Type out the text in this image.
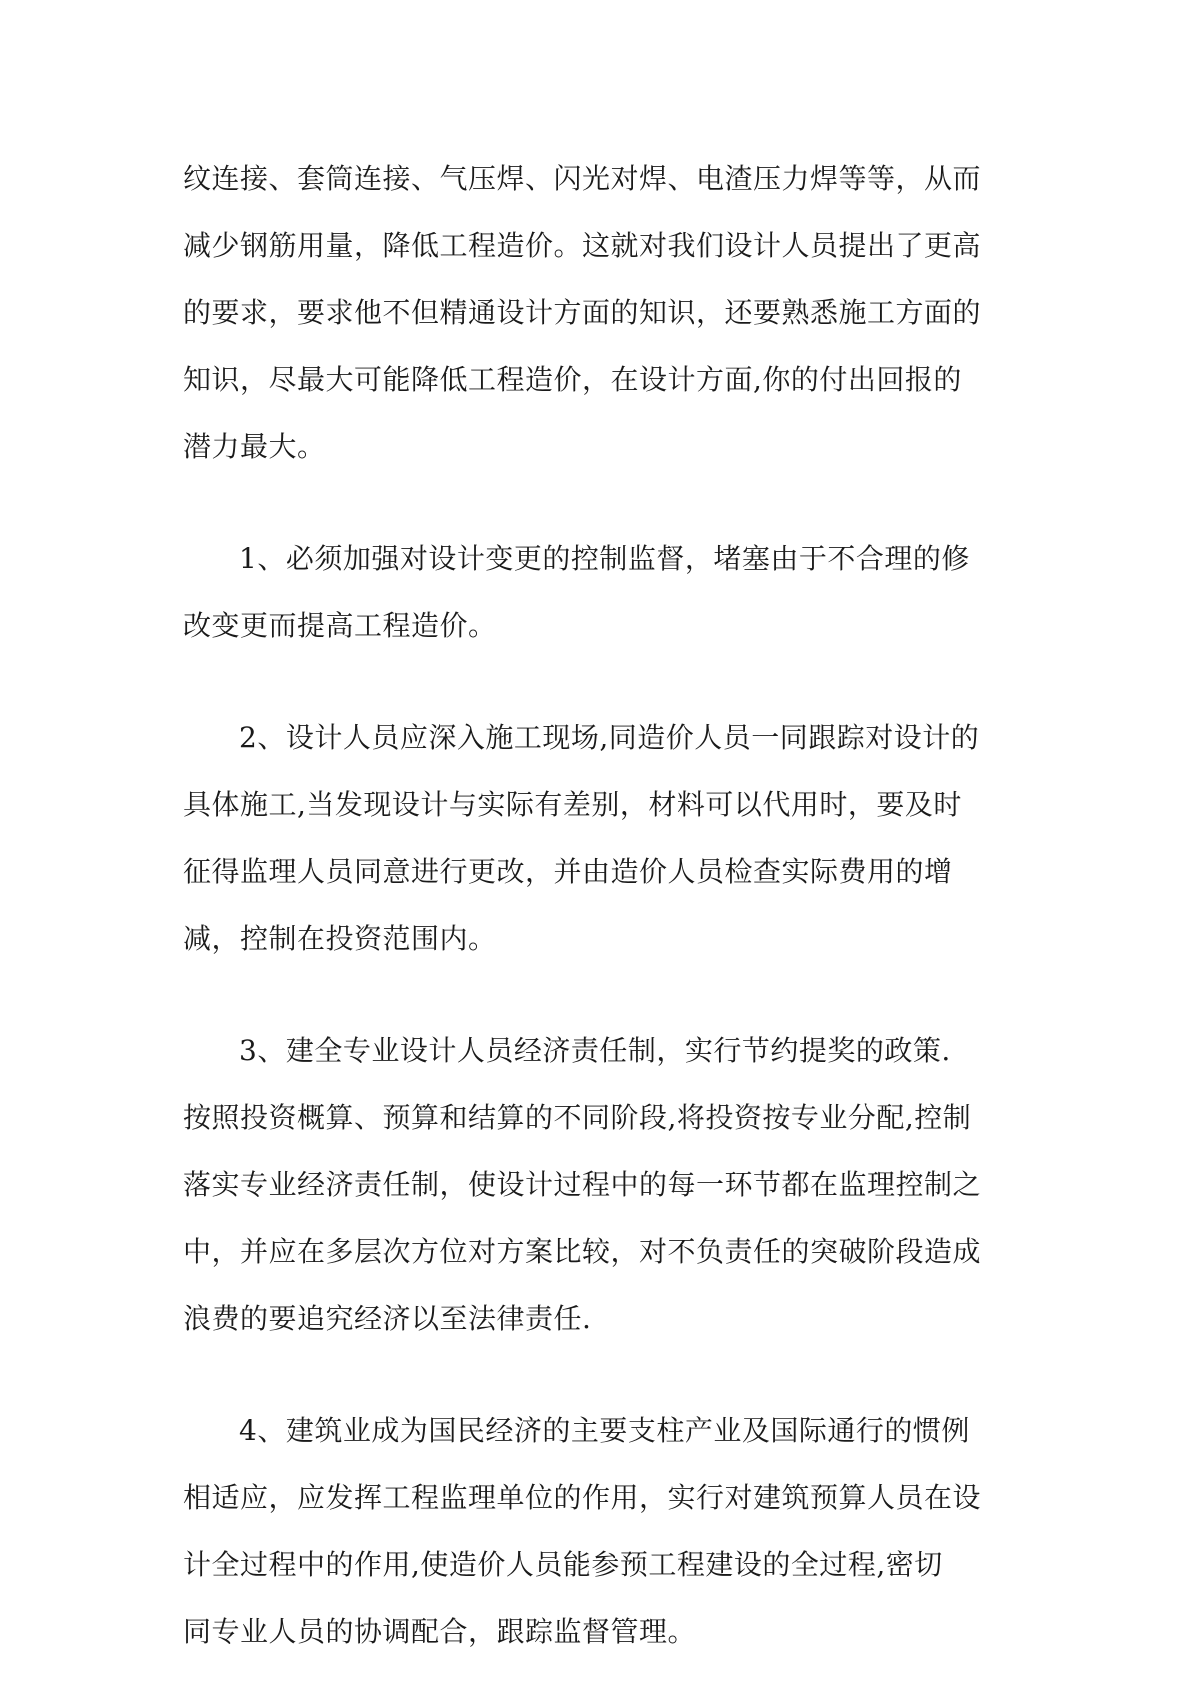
纹连接、套筒连接、气压焊、闪光对焊、电渣压力焊等等，从而
减少钢筋用量，降低工程造价。这就对我们设计人员提出了更高
的要求，要求他不但精通设计方面的知识，还要熟悉施工方面的
知识，尽最大可能降低工程造价，在设计方面,你的付出回报的
潜力最大。
1、必须加强对设计变更的控制监督，堵塞由于不合理的修
改变更而提高工程造价。
2、设计人员应深入施工现场,同造价人员一同跟踪对设计的
具体施工,当发现设计与实际有差别，材料可以代用时，要及时
征得监理人员同意进行更改，并由造价人员检查实际费用的增
减，控制在投资范围内。
3、建全专业设计人员经济责任制，实行节约提奖的政策.
按照投资概算、预算和结算的不同阶段,将投资按专业分配,控制
落实专业经济责任制，使设计过程中的每一环节都在监理控制之
中，并应在多层次方位对方案比较，对不负责任的突破阶段造成
浪费的要追究经济以至法律责任.
4、建筑业成为国民经济的主要支柱产业及国际通行的惯例
相适应，应发挥工程监理单位的作用，实行对建筑预算人员在设
计全过程中的作用,使造价人员能参预工程建设的全过程,密切
同专业人员的协调配合，跟踪监督管理。
